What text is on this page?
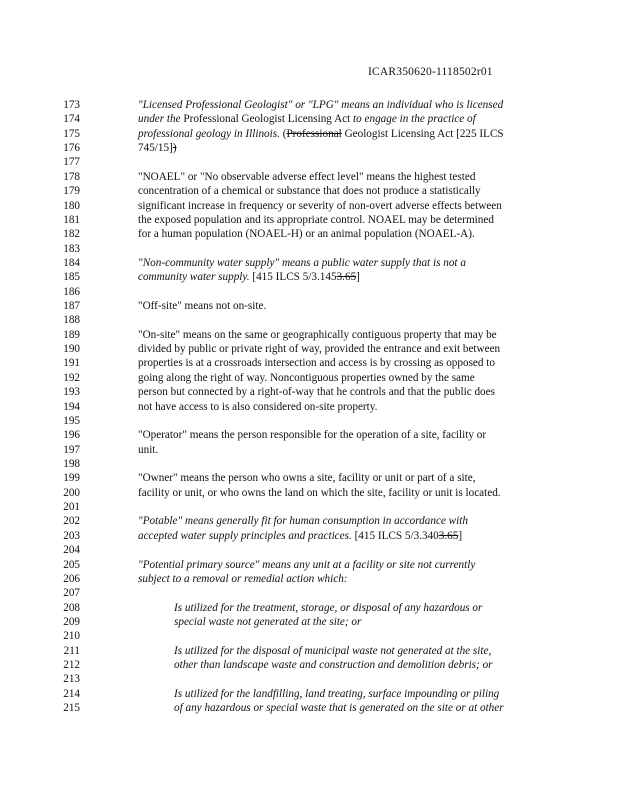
ICAR350620-1118502r01
173	"Licensed Professional Geologist" or "LPG" means an individual who is licensed
174	under the Professional Geologist Licensing Act to engage in the practice of
175	professional geology in Illinois. (Professional Geologist Licensing Act [225 ILCS
176	745/15])
177
178	"NOAEL" or "No observable adverse effect level" means the highest tested
179	concentration of a chemical or substance that does not produce a statistically
180	significant increase in frequency or severity of non-overt adverse effects between
181	the exposed population and its appropriate control. NOAEL may be determined
182	for a human population (NOAEL-H) or an animal population (NOAEL-A).
183
184	"Non-community water supply" means a public water supply that is not a
185	community water supply. [415 ILCS 5/3.1453.65]
186
187	"Off-site" means not on-site.
188
189	"On-site" means on the same or geographically contiguous property that may be
190	divided by public or private right of way, provided the entrance and exit between
191	properties is at a crossroads intersection and access is by crossing as opposed to
192	going along the right of way. Noncontiguous properties owned by the same
193	person but connected by a right-of-way that he controls and that the public does
194	not have access to is also considered on-site property.
195
196	"Operator" means the person responsible for the operation of a site, facility or
197	unit.
198
199	"Owner" means the person who owns a site, facility or unit or part of a site,
200	facility or unit, or who owns the land on which the site, facility or unit is located.
201
202	"Potable" means generally fit for human consumption in accordance with
203	accepted water supply principles and practices. [415 ILCS 5/3.3403.65]
204
205	"Potential primary source" means any unit at a facility or site not currently
206	subject to a removal or remedial action which:
207
208	Is utilized for the treatment, storage, or disposal of any hazardous or
209	special waste not generated at the site; or
210
211	Is utilized for the disposal of municipal waste not generated at the site,
212	other than landscape waste and construction and demolition debris; or
213
214	Is utilized for the landfilling, land treating, surface impounding or piling
215	of any hazardous or special waste that is generated on the site or at other
